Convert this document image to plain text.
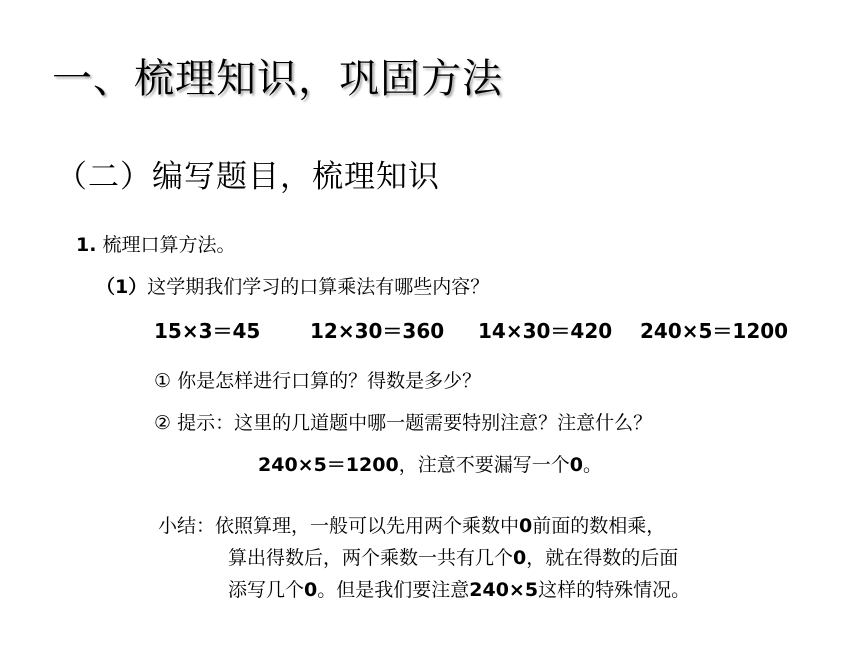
一、梳理知识，巩固方法
（二）编写题目，梳理知识
1. 梳理口算方法。
（1）这学期我们学习的口算乘法有哪些内容？
15×3＝45	12×30＝360	14×30＝420	240×5＝1200
① 你是怎样进行口算的？得数是多少？
② 提示：这里的几道题中哪一题需要特别注意？注意什么？
240×5＝1200，注意不要漏写一个0。
小结：依照算理，一般可以先用两个乘数中0前面的数相乘，
算出得数后，两个乘数一共有几个0，就在得数的后面
添写几个0。但是我们要注意240×5这样的特殊情况。
